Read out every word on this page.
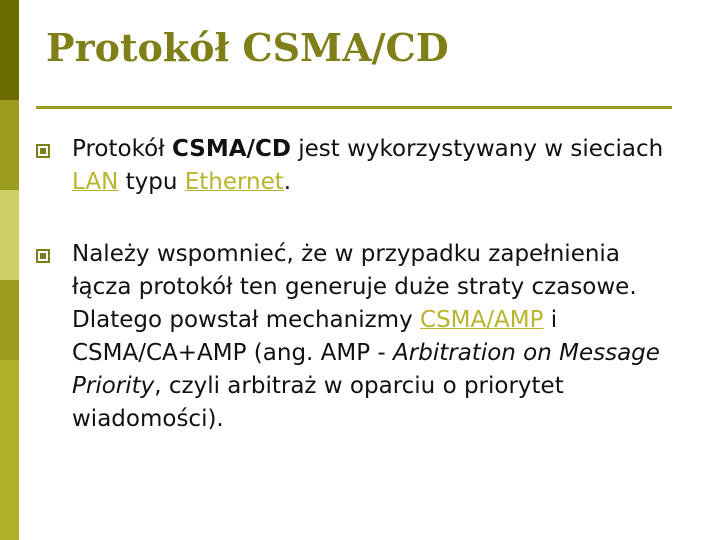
Protokół CSMA/CD
Protokół CSMA/CD jest wykorzystywany w sieciach LAN typu Ethernet.
Należy wspomnieć, że w przypadku zapełnienia łącza protokół ten generuje duże straty czasowe. Dlatego powstał mechanizmy CSMA/AMP i CSMA/CA+AMP (ang. AMP - Arbitration on Message Priority, czyli arbitraż w oparciu o priorytet wiadomości).
